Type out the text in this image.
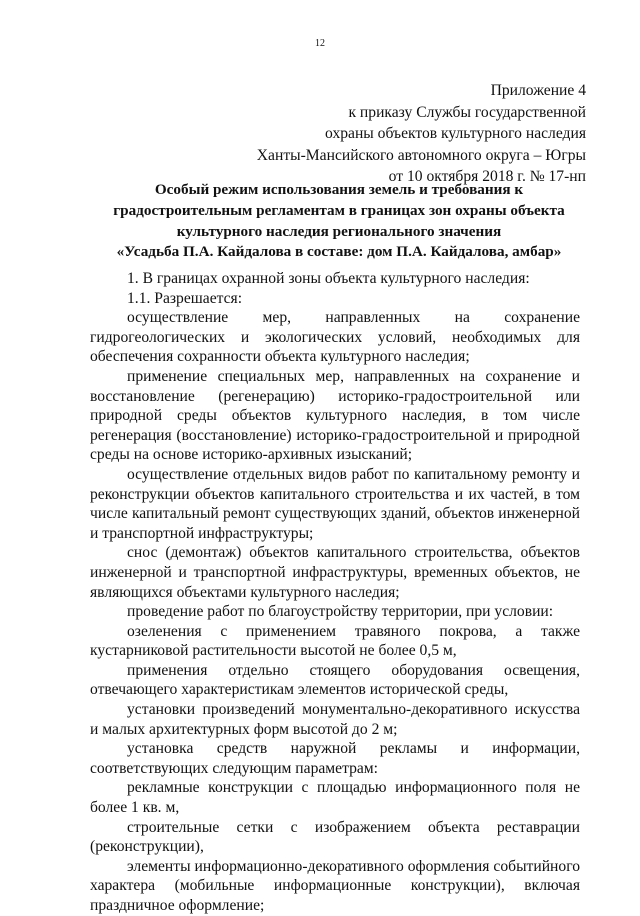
12
Приложение 4
к приказу Службы государственной
охраны объектов культурного наследия
Ханты-Мансийского автономного округа – Югры
от 10 октября 2018 г. № 17-нп
Особый режим использования земель и требования к
градостроительным регламентам в границах зон охраны объекта
культурного наследия регионального значения
«Усадьба П.А. Кайдалова в составе: дом П.А. Кайдалова, амбар»

1. В границах охранной зоны объекта культурного наследия:

1.1. Разрешается:

осуществление мер, направленных на сохранение гидрогеологических и экологических условий, необходимых для обеспечения сохранности объекта культурного наследия;

применение специальных мер, направленных на сохранение и восстановление (регенерацию) историко-градостроительной или природной среды объектов культурного наследия, в том числе регенерация (восстановление) историко-градостроительной и природной среды на основе историко-архивных изысканий;

осуществление отдельных видов работ по капитальному ремонту и реконструкции объектов капитального строительства и их частей, в том числе капитальный ремонт существующих зданий, объектов инженерной и транспортной инфраструктуры;

снос (демонтаж) объектов капитального строительства, объектов инженерной и транспортной инфраструктуры, временных объектов, не являющихся объектами культурного наследия;

проведение работ по благоустройству территории, при условии:

озеленения с применением травяного покрова, а также кустарниковой растительности высотой не более 0,5 м,

применения отдельно стоящего оборудования освещения, отвечающего характеристикам элементов исторической среды,

установки произведений монументально-декоративного искусства и малых архитектурных форм высотой до 2 м;

установка средств наружной рекламы и информации, соответствующих следующим параметрам:

рекламные конструкции с площадью информационного поля не более 1 кв. м,

строительные сетки с изображением объекта реставрации (реконструкции),

элементы информационно-декоративного оформления событийного характера (мобильные информационные конструкции), включая праздничное оформление;
